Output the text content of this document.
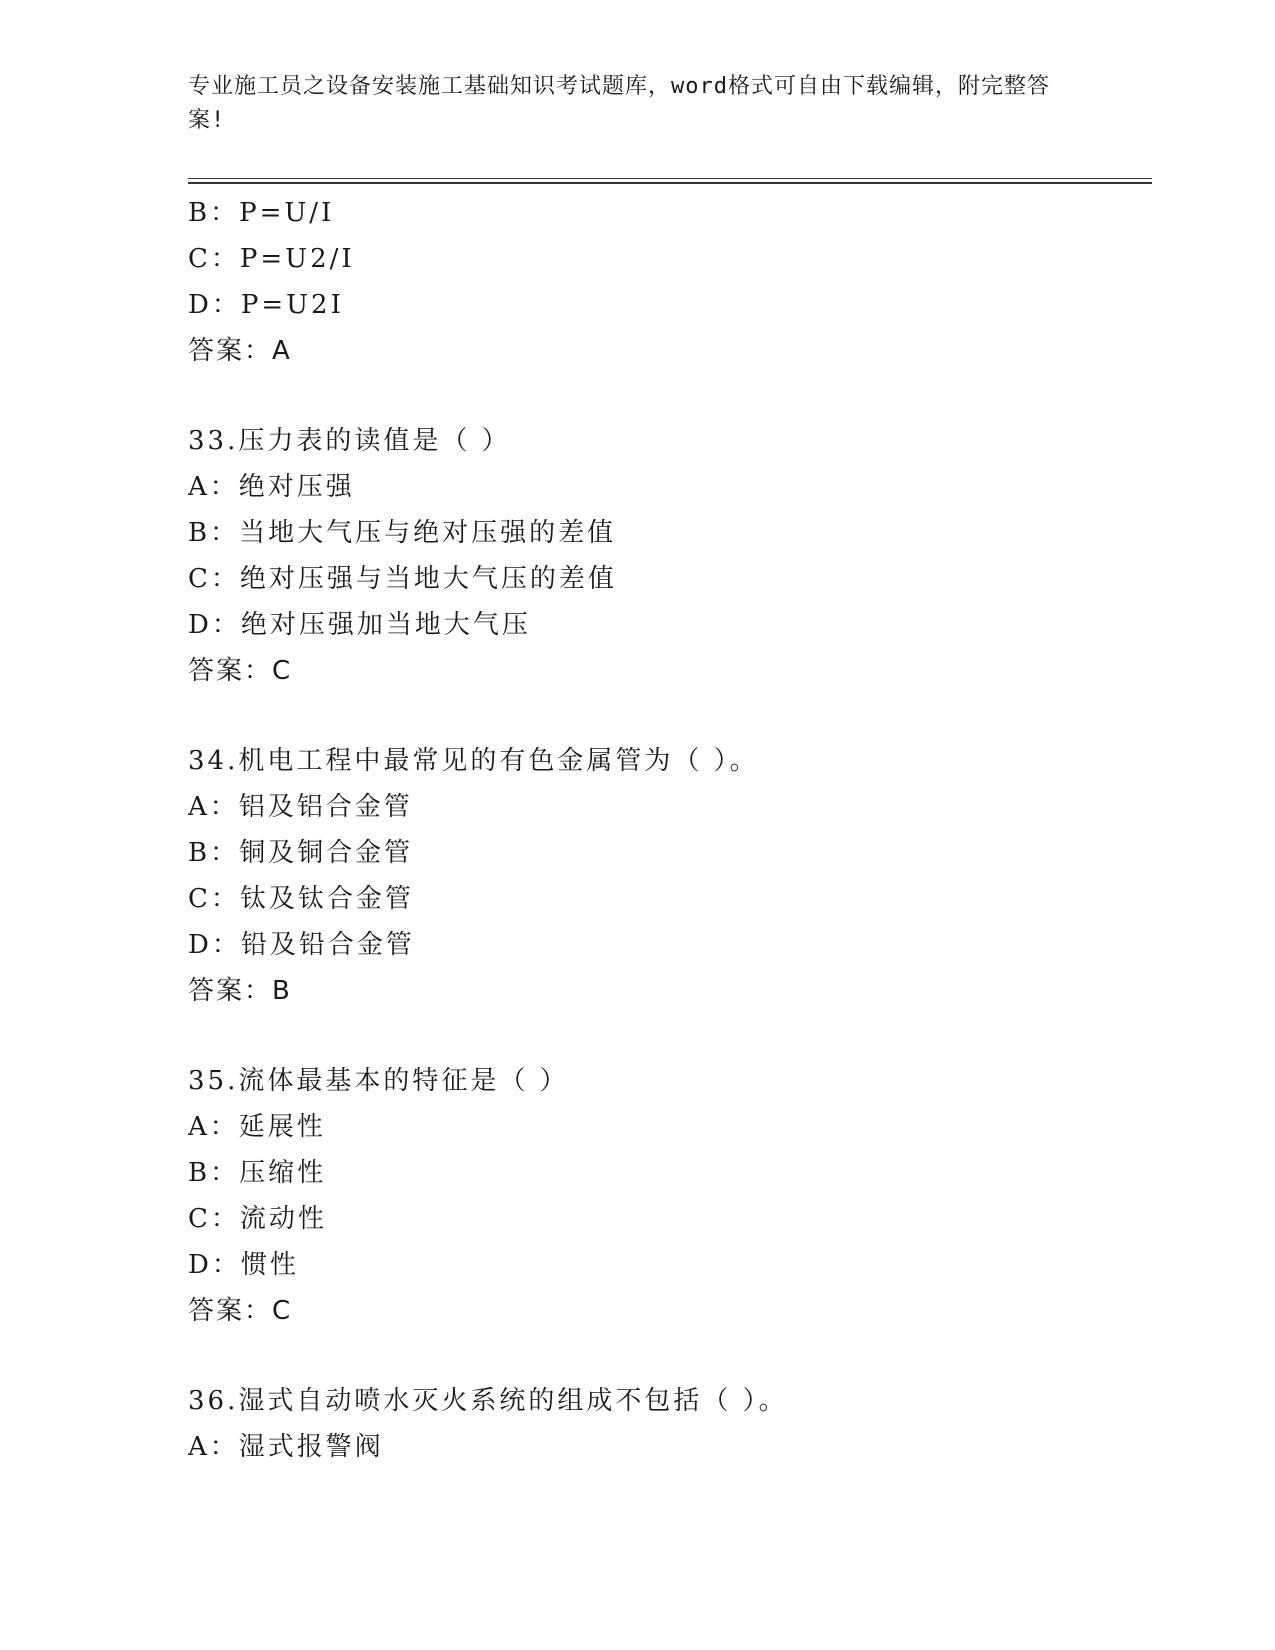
专业施工员之设备安装施工基础知识考试题库，word格式可自由下载编辑，附完整答案!
B：P=U/I
C：P=U2/I
D：P=U2I
答案：A
33.压力表的读值是（ ）
A：绝对压强
B：当地大气压与绝对压强的差值
C：绝对压强与当地大气压的差值
D：绝对压强加当地大气压
答案：C
34.机电工程中最常见的有色金属管为（ ）。
A：铝及铝合金管
B：铜及铜合金管
C：钛及钛合金管
D：铅及铅合金管
答案：B
35.流体最基本的特征是（ ）
A：延展性
B：压缩性
C：流动性
D：惯性
答案：C
36.湿式自动喷水灭火系统的组成不包括（ ）。
A：湿式报警阀
